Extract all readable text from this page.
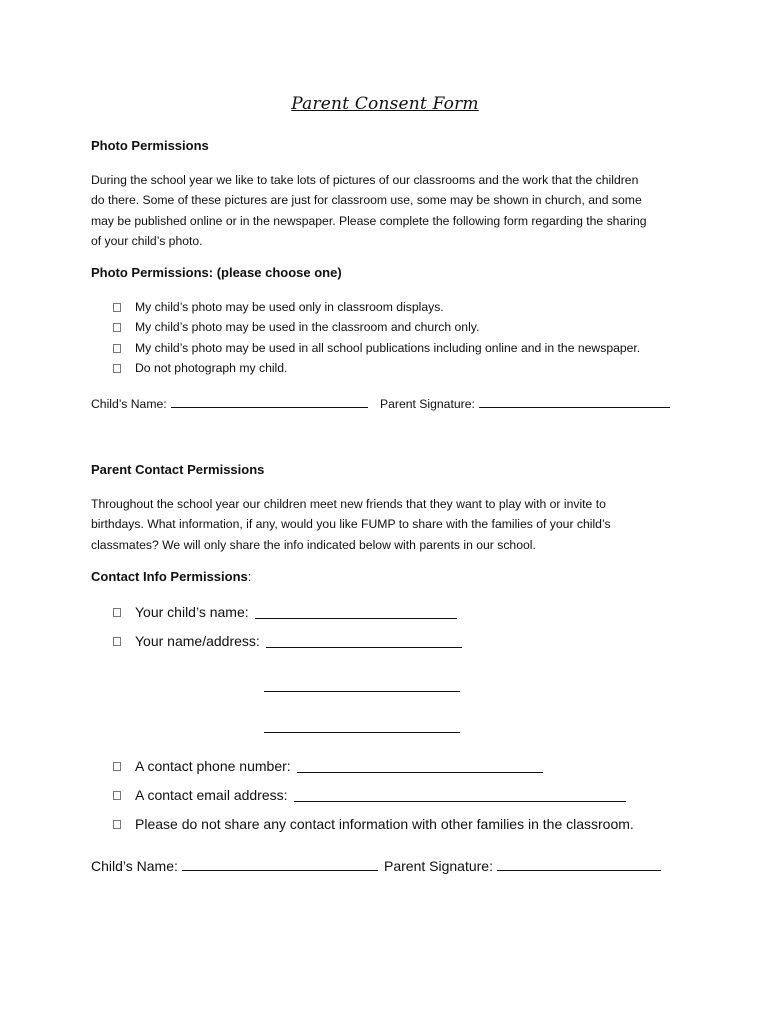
Parent Consent Form
Photo Permissions
During the school year we like to take lots of pictures of our classrooms and the work that the children
do there. Some of these pictures are just for classroom use, some may be shown in church, and some
may be published online or in the newspaper. Please complete the following form regarding the sharing
of your child’s photo.
Photo Permissions: (please choose one)
My child’s photo may be used only in classroom displays.
My child’s photo may be used in the classroom and church only.
My child’s photo may be used in all school publications including online and in the newspaper.
Do not photograph my child.
Child’s Name:	Parent Signature:
Parent Contact Permissions
Throughout the school year our children meet new friends that they want to play with or invite to
birthdays. What information, if any, would you like FUMP to share with the families of your child’s
classmates? We will only share the info indicated below with parents in our school.
Contact Info Permissions:
Your child’s name:
Your name/address:
A contact phone number:
A contact email address:
Please do not share any contact information with other families in the classroom.
Child’s Name:	Parent Signature:
